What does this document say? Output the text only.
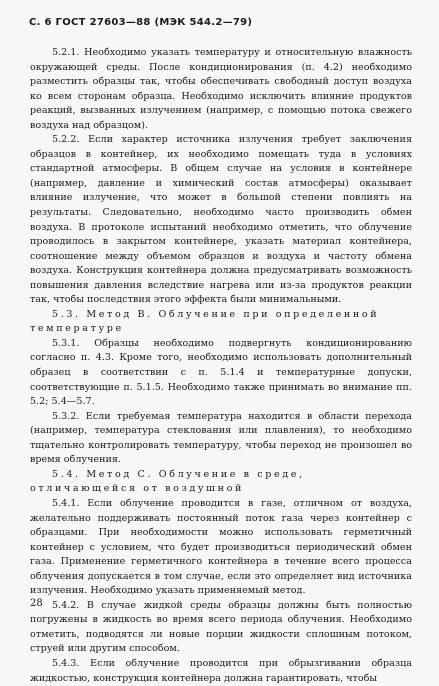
С. 6 ГОСТ 27603—88 (МЭК 544.2—79)

5.2.1. Необходимо указать температуру и относительную влажность окружающей среды. После кондиционирования (п. 4.2) необходимо разместить образцы так, чтобы обеспечивать свободный доступ воздуха ко всем сторонам образца. Необходимо исключить влияние продуктов реакций, вызванных излучением (например, с помощью потока свежего воздуха над образцом).

5.2.2. Если характер источника излучения требует заключения образцов в контейнер, их необходимо помещать туда в условиях стандартной атмосферы. В общем случае на условия в контейнере (например, давление и химический состав атмосферы) оказывает влияние излучение, что может в большой степени повлиять на результаты. Следовательно, необходимо часто производить обмен воздуха. В протоколе испытаний необходимо отметить, что облучение проводилось в закрытом контейнере, указать материал контейнера, соотношение между объемом образцов и воздуха и частоту обмена воздуха. Конструкция контейнера должна предусматривать возможность повышения давления вследствие нагрева или из-за продуктов реакции так, чтобы последствия этого эффекта были минимальными.

5.3. Метод В. Облучение при определенной температуре

5.3.1. Образцы необходимо подвергнуть кондиционированию согласно п. 4.3. Кроме того, необходимо использовать дополнительный образец в соответствии с п. 5.1.4 и температурные допуски, соответствующие п. 5.1.5. Необходимо также принимать во внимание пп. 5.2; 5.4—5.7.

5.3.2. Если требуемая температура находится в области перехода (например, температура стеклования или плавления), то необходимо тщательно контролировать температуру, чтобы переход не произошел во время облучения.

5.4. Метод С. Облучение в среде, отличающейся от воздушной

5.4.1. Если облучение проводится в газе, отличном от воздуха, желательно поддерживать постоянный поток газа через контейнер с образцами. При необходимости можно использовать герметичный контейнер с условием, что будет производиться периодический обмен газа. Применение герметичного контейнера в течение всего процесса облучения допускается в том случае, если это определяет вид источника излучения. Необходимо указать применяемый метод.

5.4.2. В случае жидкой среды образцы должны быть полностью погружены в жидкость во время всего периода облучения. Необходимо отметить, подводятся ли новые порции жидкости сплошным потоком, струей или другим способом.

5.4.3. Если облучение проводится при обрызгивании образца жидкостью, конструкция контейнера должна гарантировать, чтобы

28
